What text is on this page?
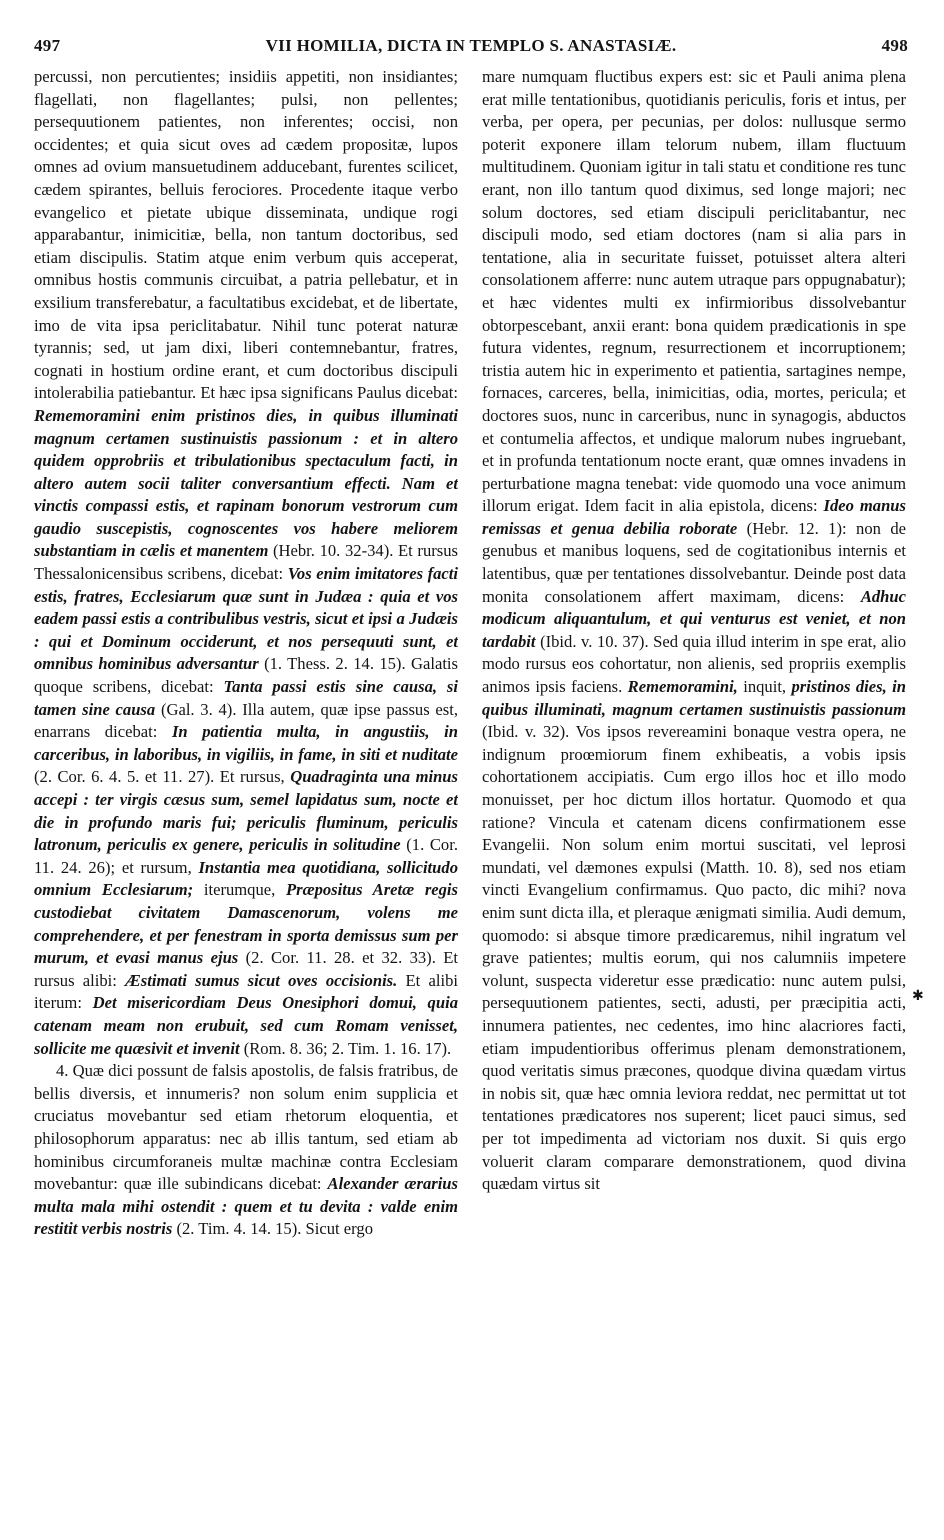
497	VII HOMILIA, DICTA IN TEMPLO S. ANASTASIÆ.	498

percussi, non percutientes; insidiis appetiti, non insidiantes; flagellati, non flagellantes; pulsi, non pellentes; persequutionem patientes, non inferentes; occisi, non occidentes; et quia sicut oves ad cædem propositæ, lupos omnes ad ovium mansuetudinem adducebant, furentes scilicet, cædem spirantes, belluis ferociores. Procedente itaque verbo evangelico et pietate ubique disseminata, undique rogi apparabantur, inimicitiæ, bella, non tantum doctoribus, sed etiam discipulis. Statim atque enim verbum quis acceperat, omnibus hostis communis circuibat, a patria pellebatur, et in exsilium transferebatur, a facultatibus excidebat, et de libertate, imo de vita ipsa periclitabatur. Nihil tunc poterat naturæ tyrannis; sed, ut jam dixi, liberi contemnebantur, fratres, cognati in hostium ordine erant, et cum doctoribus discipuli intolerabilia patiebantur. Et hæc ipsa significans Paulus dicebat: Rememoramini enim pristinos dies, in quibus illuminati magnum certamen sustinuistis passionum : et in altero quidem opprobriis et tribulationibus spectaculum facti, in altero autem socii taliter conversantium effecti. Nam et vinctis compassi estis, et rapinam bonorum vestrorum cum gaudio suscepistis, cognoscentes vos habere meliorem substantiam in cælis et manentem (Hebr. 10. 32-34). Et rursus Thessalonicensibus scribens, dicebat: Vos enim imitatores facti estis, fratres, Ecclesiarum quæ sunt in Judæa : quia et vos eadem passi estis a contribulibus vestris, sicut et ipsi a Judæis : qui et Dominum occiderunt, et nos persequuti sunt, et omnibus hominibus adversantur (1. Thess. 2. 14. 15). Galatis quoque scribens, dicebat: Tanta passi estis sine causa, si tamen sine causa (Gal. 3. 4). Illa autem, quæ ipse passus est, enarrans dicebat: In patientia multa, in angustiis, in carceribus, in laboribus, in vigiliis, in fame, in siti et nuditate (2. Cor. 6. 4. 5. et 11. 27). Et rursus, Quadraginta una minus accepi : ter virgis cæsus sum, semel lapidatus sum, nocte et die in profundo maris fui; periculis fluminum, periculis latronum, periculis ex genere, periculis in solitudine (1. Cor. 11. 24. 26); et rursum, Instantia mea quotidiana, sollicitudo omnium Ecclesiarum; iterumque, Præpositus Aretæ regis custodiebat civitatem Damascenorum, volens me comprehendere, et per fenestram in sporta demissus sum per murum, et evasi manus ejus (2. Cor. 11. 28. et 32. 33). Et rursus alibi: Æstimati sumus sicut oves occisionis. Et alibi iterum: Det misericordiam Deus Onesiphori domui, quia catenam meam non erubuit, sed cum Romam venisset, sollicite me quæsivit et invenit (Rom. 8. 36; 2. Tim. 1. 16. 17).

4. Quæ dici possunt de falsis apostolis, de falsis fratribus, de bellis diversis, et innumeris? non solum enim supplicia et cruciatus movebantur sed etiam rhetorum eloquentia, et philosophorum apparatus: nec ab illis tantum, sed etiam ab hominibus circumforaneis multæ machinæ contra Ecclesiam movebantur: quæ ille subindicans dicebat: Alexander ærarius multa mala mihi ostendit : quem et tu devita : valde enim restitit verbis nostris (2. Tim. 4. 14. 15). Sicut ergo

mare numquam fluctibus expers est: sic et Pauli anima plena erat mille tentationibus, quotidianis periculis, foris et intus, per verba, per opera, per pecunias, per dolos: nullusque sermo poterit exponere illam telorum nubem, illam fluctuum multitudinem. Quoniam igitur in tali statu et conditione res tunc erant, non illo tantum quod diximus, sed longe majori; nec solum doctores, sed etiam discipuli periclitabantur, nec discipuli modo, sed etiam doctores (nam si alia pars in tentatione, alia in securitate fuisset, potuisset altera alteri consolationem afferre: nunc autem utraque pars oppugnabatur); et hæc videntes multi ex infirmioribus dissolvebantur obtorpescebant, anxii erant: bona quidem prædicationis in spe futura videntes, regnum, resurrectionem et incorruptionem; tristia autem hic in experimento et patientia, sartagines nempe, fornaces, carceres, bella, inimicitias, odia, mortes, pericula; et doctores suos, nunc in carceribus, nunc in synagogis, abductos et contumelia affectos, et undique malorum nubes ingruebant, et in profunda tentationum nocte erant, quæ omnes invadens in perturbatione magna tenebat: vide quomodo una voce animum illorum erigat. Idem facit in alia epistola, dicens: Ideo manus remissas et genua debilia roborate (Hebr. 12. 1): non de genubus et manibus loquens, sed de cogitationibus internis et latentibus, quæ per tentationes dissolvebantur. Deinde post data monita consolationem affert maximam, dicens: Adhuc modicum aliquantulum, et qui venturus est veniet, et non tardabit (Ibid. v. 10. 37). Sed quia illud interim in spe erat, alio modo rursus eos cohortatur, non alienis, sed propriis exemplis animos ipsis faciens. Rememoramini, inquit, pristinos dies, in quibus illuminati, magnum certamen sustinuistis passionum (Ibid. v. 32). Vos ipsos revereamini bonaque vestra opera, ne indignum proœmiorum finem exhibeatis, a vobis ipsis cohortationem accipiatis. Cum ergo illos hoc et illo modo monuisset, per hoc dictum illos hortatur. Quomodo et qua ratione? Vincula et catenam dicens confirmationem esse Evangelii. Non solum enim mortui suscitati, vel leprosi mundati, vel dæmones expulsi (Matth. 10. 8), sed nos etiam vincti Evangelium confirmamus. Quo pacto, dic mihi? nova enim sunt dicta illa, et pleraque ænigmati similia. Audi demum, quomodo: si absque timore prædicaremus, nihil ingratum vel grave patientes; multis eorum, qui nos calumniis impetere volunt, suspecta videretur esse prædicatio: nunc autem pulsi, persequutionem patientes, secti, adusti, per præcipitia acti, innumera patientes, nec cedentes, imo hinc alacriores facti, etiam impudentioribus offerimus plenam demonstrationem, quod veritatis simus præcones, quodque divina quædam virtus in nobis sit, quæ hæc omnia leviora reddat, nec permittat ut tot tentationes prædicatores nos superent; licet pauci simus, sed per tot impedimenta ad victoriam nos duxit. Si quis ergo voluerit claram comparare demonstrationem, quod divina quædam virtus sit

✱
